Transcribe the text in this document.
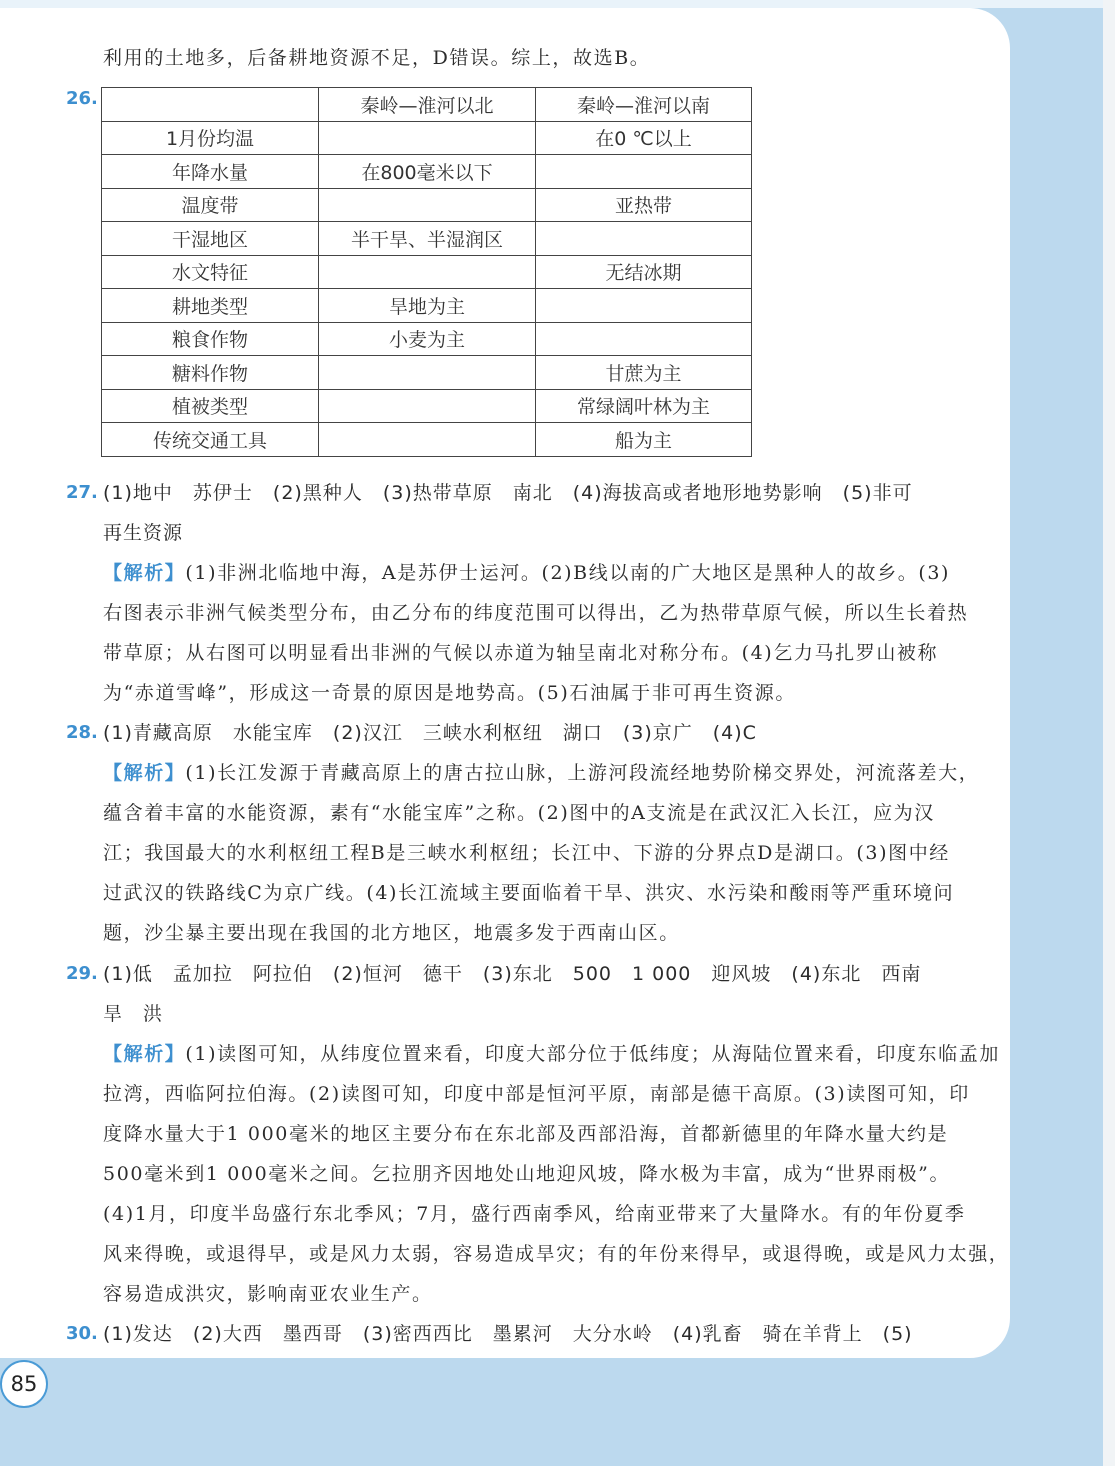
利用的土地多，后备耕地资源不足，D错误。综上，故选B。
26.
		秦岭—淮河以北	秦岭—淮河以南
1月份均温		在0 ℃以上
年降水量	在800毫米以下	
温度带		亚热带
干湿地区	半干旱、半湿润区	
水文特征		无结冰期
耕地类型	旱地为主	
粮食作物	小麦为主	
糖料作物		甘蔗为主
植被类型		常绿阔叶林为主
传统交通工具		船为主
27. (1)地中　苏伊士　(2)黑种人　(3)热带草原　南北　(4)海拔高或者地形地势影响　(5)非可
再生资源
【解析】(1)非洲北临地中海，A是苏伊士运河。(2)B线以南的广大地区是黑种人的故乡。(3)
右图表示非洲气候类型分布，由乙分布的纬度范围可以得出，乙为热带草原气候，所以生长着热
带草原；从右图可以明显看出非洲的气候以赤道为轴呈南北对称分布。(4)乞力马扎罗山被称
为“赤道雪峰”，形成这一奇景的原因是地势高。(5)石油属于非可再生资源。
28. (1)青藏高原　水能宝库　(2)汉江　三峡水利枢纽　湖口　(3)京广　(4)C
【解析】(1)长江发源于青藏高原上的唐古拉山脉，上游河段流经地势阶梯交界处，河流落差大，
蕴含着丰富的水能资源，素有“水能宝库”之称。(2)图中的A支流是在武汉汇入长江，应为汉
江；我国最大的水利枢纽工程B是三峡水利枢纽；长江中、下游的分界点D是湖口。(3)图中经
过武汉的铁路线C为京广线。(4)长江流域主要面临着干旱、洪灾、水污染和酸雨等严重环境问
题，沙尘暴主要出现在我国的北方地区，地震多发于西南山区。
29. (1)低　孟加拉　阿拉伯　(2)恒河　德干　(3)东北　500　1 000　迎风坡　(4)东北　西南
旱　洪
【解析】(1)读图可知，从纬度位置来看，印度大部分位于低纬度；从海陆位置来看，印度东临孟加
拉湾，西临阿拉伯海。(2)读图可知，印度中部是恒河平原，南部是德干高原。(3)读图可知，印
度降水量大于1 000毫米的地区主要分布在东北部及西部沿海，首都新德里的年降水量大约是
500毫米到1 000毫米之间。乞拉朋齐因地处山地迎风坡，降水极为丰富，成为“世界雨极”。
(4)1月，印度半岛盛行东北季风；7月，盛行西南季风，给南亚带来了大量降水。有的年份夏季
风来得晚，或退得早，或是风力太弱，容易造成旱灾；有的年份来得早，或退得晚，或是风力太强，
容易造成洪灾，影响南亚农业生产。
30. (1)发达　(2)大西　墨西哥　(3)密西西比　墨累河　大分水岭　(4)乳畜　骑在羊背上　(5)
85
